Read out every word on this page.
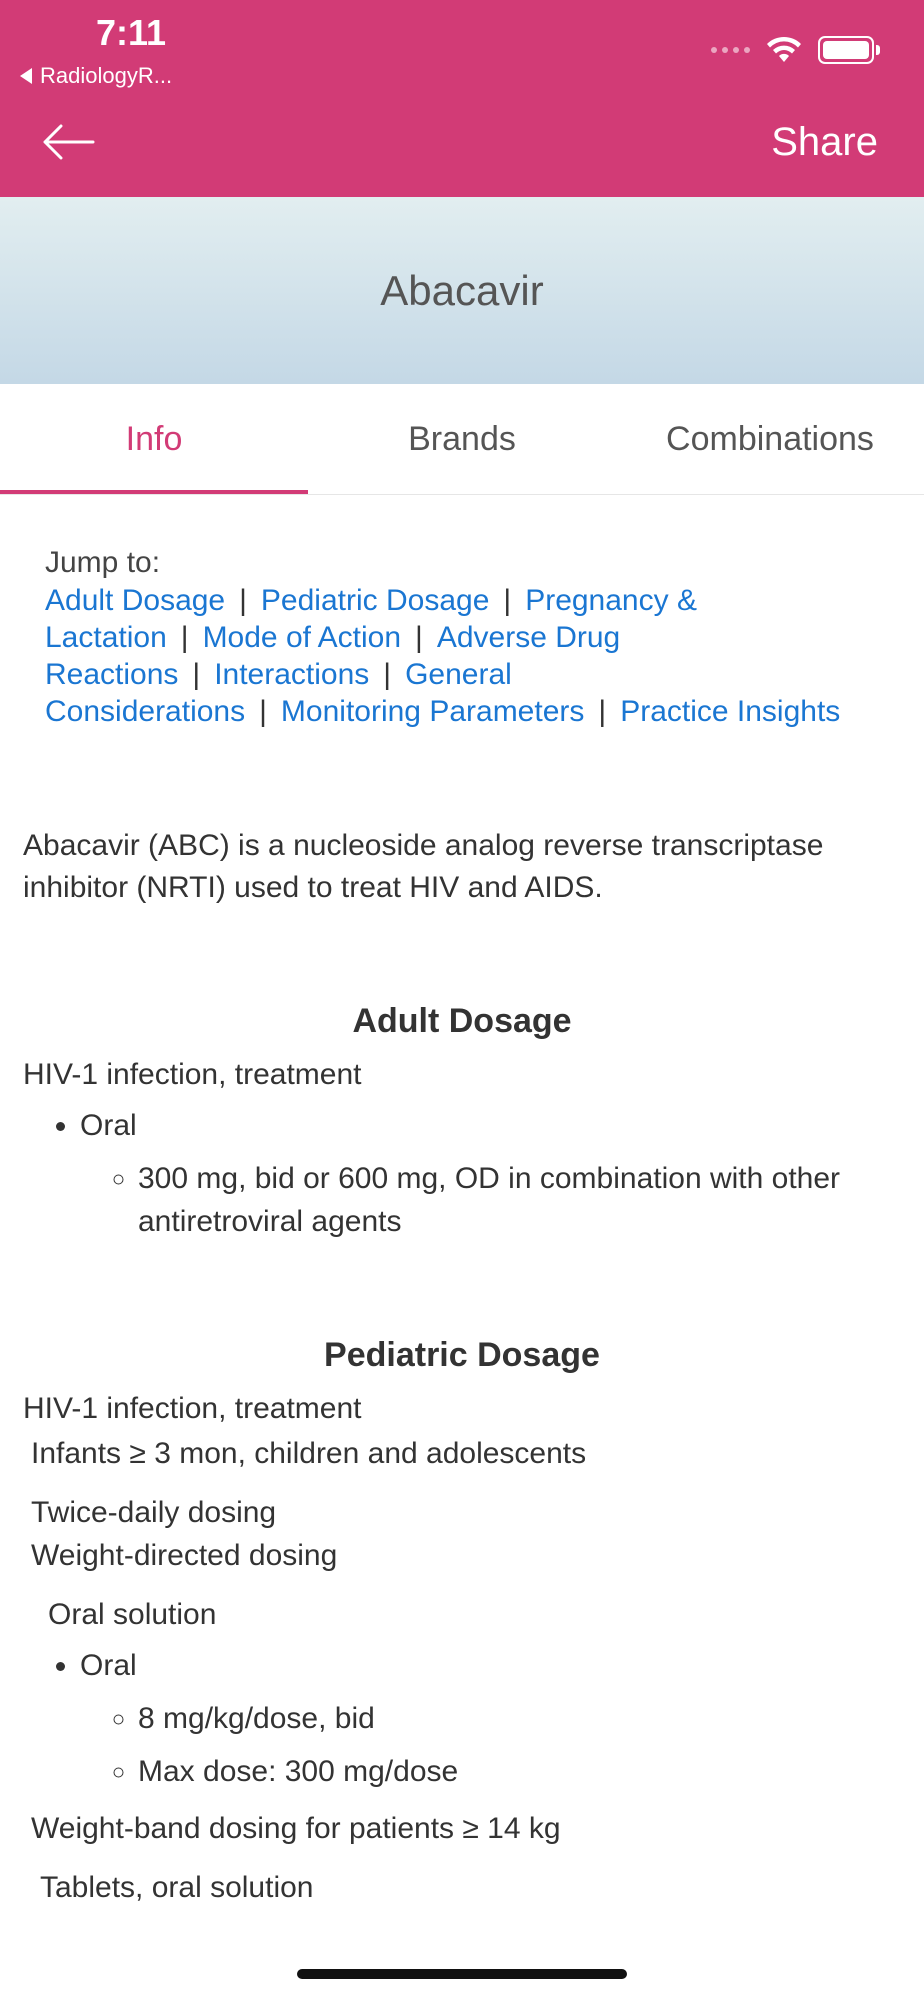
7:11
RadiologyR...
Share
Abacavir
Info	Brands	Combinations
Jump to:
Adult Dosage | Pediatric Dosage | Pregnancy & Lactation | Mode of Action | Adverse Drug Reactions | Interactions | General Considerations | Monitoring Parameters | Practice Insights
Abacavir (ABC) is a nucleoside analog reverse transcriptase inhibitor (NRTI) used to treat HIV and AIDS.
Adult Dosage
HIV-1 infection, treatment
• Oral
◦ 300 mg, bid or 600 mg, OD in combination with other antiretroviral agents
Pediatric Dosage
HIV-1 infection, treatment
Infants ≥ 3 mon, children and adolescents
Twice-daily dosing
Weight-directed dosing
Oral solution
• Oral
◦ 8 mg/kg/dose, bid
◦ Max dose: 300 mg/dose
Weight-band dosing for patients ≥ 14 kg
Tablets, oral solution
